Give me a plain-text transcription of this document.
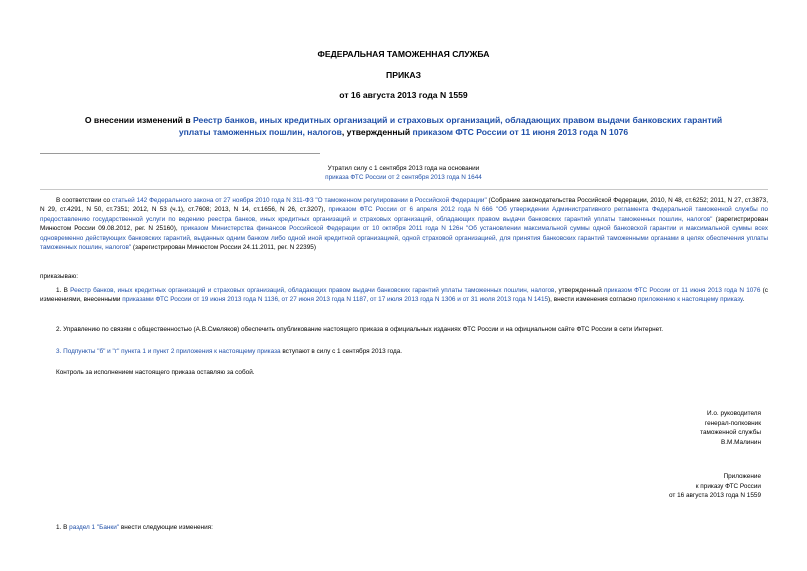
ФЕДЕРАЛЬНАЯ ТАМОЖЕННАЯ СЛУЖБА
ПРИКАЗ
от 16 августа 2013 года N 1559
О внесении изменений в Реестр банков, иных кредитных организаций и страховых организаций, обладающих правом выдачи банковских гарантий уплаты таможенных пошлин, налогов, утвержденный приказом ФТС России от 11 июня 2013 года N 1076
Утратил силу с 1 сентября 2013 года на основании
приказа ФТС России от 2 сентября 2013 года N 1644
В соответствии со статьей 142 Федерального закона от 27 ноября 2010 года N 311-ФЗ "О таможенном регулировании в Российской Федерации" (Собрание законодательства Российской Федерации, 2010, N 48, ст.6252; 2011, N 27, ст.3873, N 29, ст.4291, N 50, ст.7351; 2012, N 53 (ч.1), ст.7608; 2013, N 14, ст.1656, N 26, ст.3207), приказом ФТС России от 6 апреля 2012 года N 666 "Об утверждении Административного регламента Федеральной таможенной службы по предоставлению государственной услуги по ведению реестра банков, иных кредитных организаций и страховых организаций, обладающих правом выдачи банковских гарантий уплаты таможенных пошлин, налогов" (зарегистрирован Минюстом России 09.08.2012, рег. N 25160), приказом Министерства финансов Российской Федерации от 10 октября 2011 года N 126н "Об установлении максимальной суммы одной банковской гарантии и максимальной суммы всех одновременно действующих банковских гарантий, выданных одним банком либо одной иной кредитной организацией, одной страховой организацией, для принятия банковских гарантий таможенными органами в целях обеспечения уплаты таможенных пошлин, налогов" (зарегистрирован Минюстом России 24.11.2011, рег. N 22395)
приказываю:
1. В Реестр банков, иных кредитных организаций и страховых организаций, обладающих правом выдачи банковских гарантий уплаты таможенных пошлин, налогов, утвержденный приказом ФТС России от 11 июня 2013 года N 1076 (с изменениями, внесенными приказами ФТС России от 19 июня 2013 года N 1136, от 27 июня 2013 года N 1187, от 17 июля 2013 года N 1306 и от 31 июля 2013 года N 1415), внести изменения согласно приложению к настоящему приказу.
2. Управлению по связям с общественностью (А.В.Смеляков) обеспечить опубликование настоящего приказа в официальных изданиях ФТС России и на официальном сайте ФТС России в сети Интернет.
3. Подпункты "б" и "г" пункта 1 и пункт 2 приложения к настоящему приказа вступают в силу с 1 сентября 2013 года.
Контроль за исполнением настоящего приказа оставляю за собой.
И.о. руководителя
генерал-полковник
таможенной службы
В.М.Малинин
Приложение
к приказу ФТС России
от 16 августа 2013 года N 1559
1. В раздел 1 "Банки" внести следующие изменения:
